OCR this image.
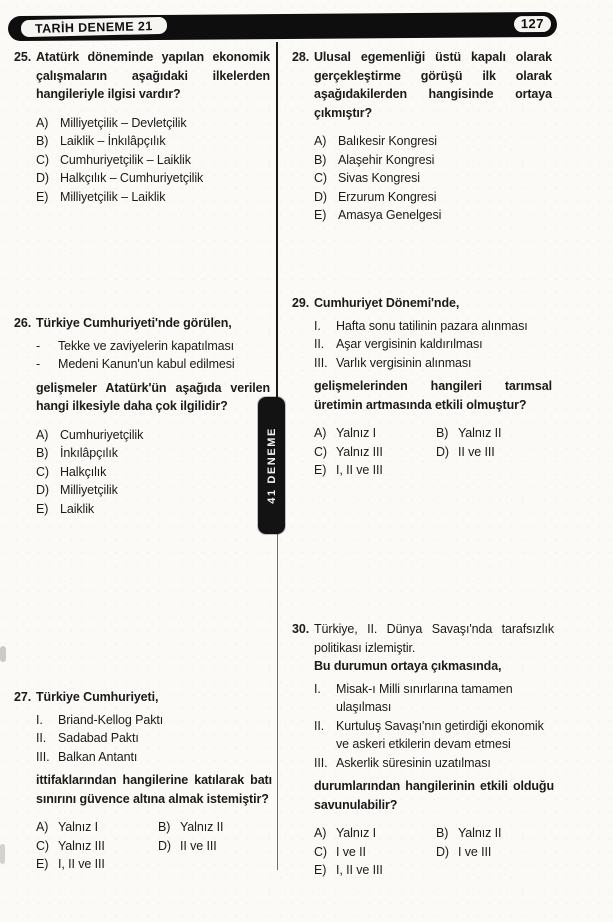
TARİH DENEME 21	127
41 DENEME
25. Atatürk döneminde yapılan ekonomik çalışmaların aşağıdaki ilkelerden hangileriyle ilgisi vardır?

A) Milliyetçilik – Devletçilik
B) Laiklik – İnkılâpçılık
C) Cumhuriyetçilik – Laiklik
D) Halkçılık – Cumhuriyetçilik
E) Milliyetçilik – Laiklik
26. Türkiye Cumhuriyeti'nde görülen,

-	Tekke ve zaviyelerin kapatılması
-	Medeni Kanun'un kabul edilmesi

gelişmeler Atatürk'ün aşağıda verilen hangi ilkesiyle daha çok ilgilidir?

A) Cumhuriyetçilik
B) İnkılâpçılık
C) Halkçılık
D) Milliyetçilik
E) Laiklik
27. Türkiye Cumhuriyeti,

I.	Briand-Kellog Paktı
II. Sadabad Paktı
III. Balkan Antantı

ittifaklarından hangilerine katılarak batı sınırını güvence altına almak istemiştir?

A) Yalnız I	B) Yalnız II
C) Yalnız III	D) II ve III
E) I, II ve III
28. Ulusal egemenliği üstü kapalı olarak gerçekleştirme görüşü ilk olarak aşağıdakilerden hangisinde ortaya çıkmıştır?

A) Balıkesir Kongresi
B) Alaşehir Kongresi
C) Sivas Kongresi
D) Erzurum Kongresi
E) Amasya Genelgesi
29. Cumhuriyet Dönemi'nde,

I.	Hafta sonu tatilinin pazara alınması
II. Aşar vergisinin kaldırılması
III. Varlık vergisinin alınması

gelişmelerinden hangileri tarımsal üretimin artmasında etkili olmuştur?

A) Yalnız I	B) Yalnız II
C) Yalnız III	D) II ve III
E) I, II ve III
30. Türkiye, II. Dünya Savaşı'nda tarafsızlık politikası izlemiştir.

Bu durumun ortaya çıkmasında,

I.	Misak-ı Milli sınırlarına tamamen ulaşılması
II. Kurtuluş Savaşı'nın getirdiği ekonomik ve askeri etkilerin devam etmesi
III. Askerlik süresinin uzatılması

durumlarından hangilerinin etkili olduğu savunulabilir?

A) Yalnız I	B) Yalnız II
C) I ve II	D) I ve III
E) I, II ve III
